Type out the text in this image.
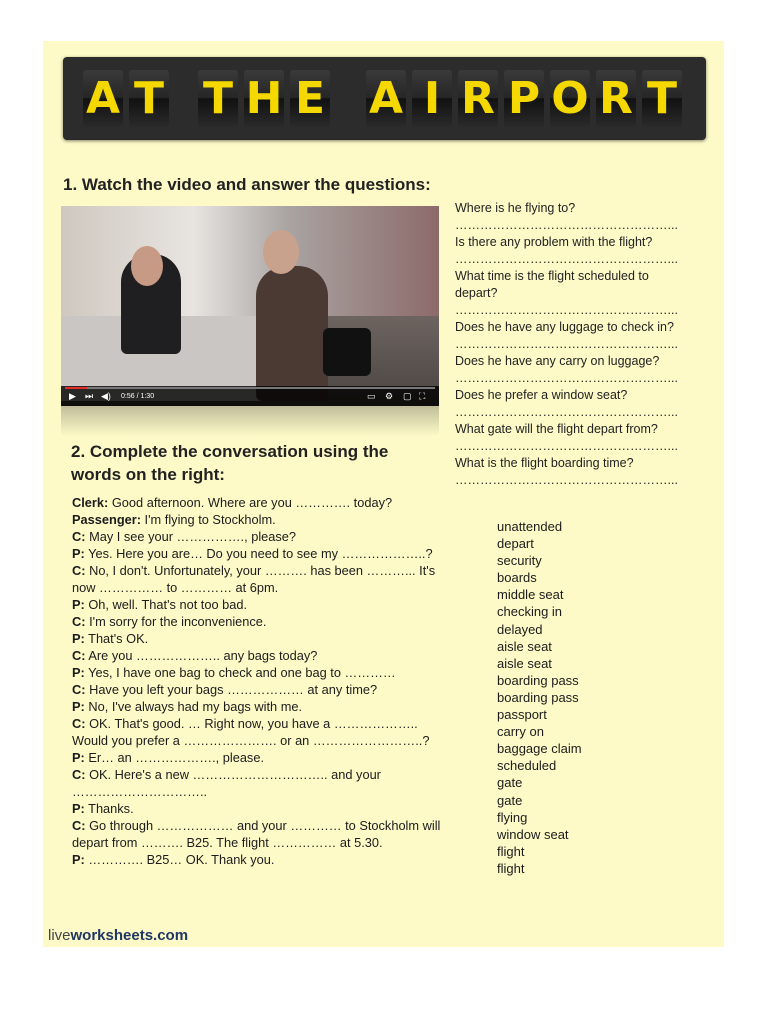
A T T H E A I R P O R T
1. Watch the video and answer the questions:
▶ ⏭ ◀) 0:56 / 1:30	▭ ⚙ ▢ ⛶
2. Complete the conversation using the words on the right:

Where is he flying to?

……………………………………………...

Is there any problem with the flight?

……………………………………………...

What time is the flight scheduled to depart?

……………………………………………...

Does he have any luggage to check in?

……………………………………………...

Does he have any carry on luggage?

……………………………………………...

Does he prefer a window seat?

……………………………………………...

What gate will the flight depart from?

……………………………………………...

What is the flight boarding time?

……………………………………………...

Clerk: Good afternoon. Where are you …………. today?

Passenger: I'm flying to Stockholm.

C: May I see your ……………., please?

P: Yes. Here you are… Do you need to see my ………………..?

C: No, I don't. Unfortunately, your ………. has been ………... It's now …………… to ………… at 6pm.

P: Oh, well. That's not too bad.

C: I'm sorry for the inconvenience.

P: That's OK.

C: Are you ……………….. any bags today?

P: Yes, I have one bag to check and one bag to …………

C: Have you left your bags ……………… at any time?

P: No, I've always had my bags with me.

C: OK. That's good. … Right now, you have a ……………….. Would you prefer a …………………. or an ……………………..?

P: Er… an ………………., please.

C: OK. Here's a new ………………………….. and your …………………………..

P: Thanks.

C: Go through ……………… and your ………… to Stockholm will depart from ………. B25. The flight …………… at 5.30.

P: …………. B25… OK. Thank you.

unattended
depart
security
boards
middle seat
checking in
delayed
aisle seat
aisle seat
boarding pass
boarding pass
passport
carry on
baggage claim
scheduled
gate
gate
flying
window seat
flight
flight
liveworksheets.com
